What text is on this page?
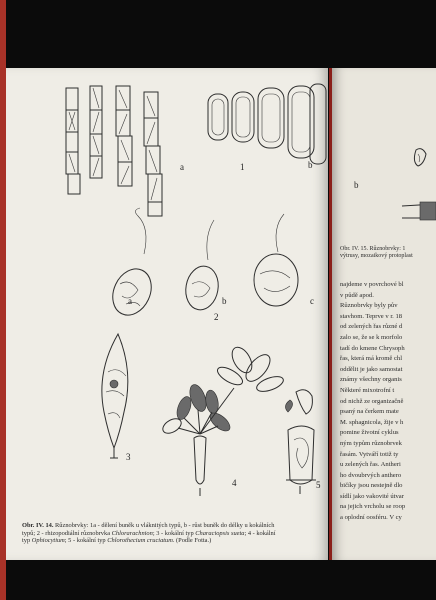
a
2
b	c
a	1	b
3
4	5

Obr. IV. 14. Různobrvky: 1a - dělení buněk u vláknitých typů, b - růst buněk do délky u kokálních
typů; 2 - rhizopodiální různobrvka Chlorarachnion; 3 - kokální typ Characiopsis sueta; 4 - kokální
typ Ophiocytium; 5 - kokální typ Chlorothecium cruciatum. (Podle Fotta.)

b

Obr. IV. 15. Různobrvky: 1
výtrusy, mozaikový protoplast

najdeme v povrchové bl
v půdě apod.
Různobrvky byly pův
stavhom. Teprve v r. 18
od zelených řas různé d
zalo se, že se k morfolo
tadí do kmene Chrysoph
řas, která má kromě chl
oddělit je jako samostat
známy všechny organis
Některé mixotrofní t
od nichž ze organizačně
psaný na čerkem mate
M. sphagnicola, žije v h
pomine životní cyklus
ným typům různobrvek
řasám. Vytváří totiž ty
u zelených řas. Antheri
ho dvoubrvých anthero
bičíky jsou nestejně dlo
sídlí jako vakovité útvar
na jejich vrcholu se roop
a oplodní oosféru. V cy
